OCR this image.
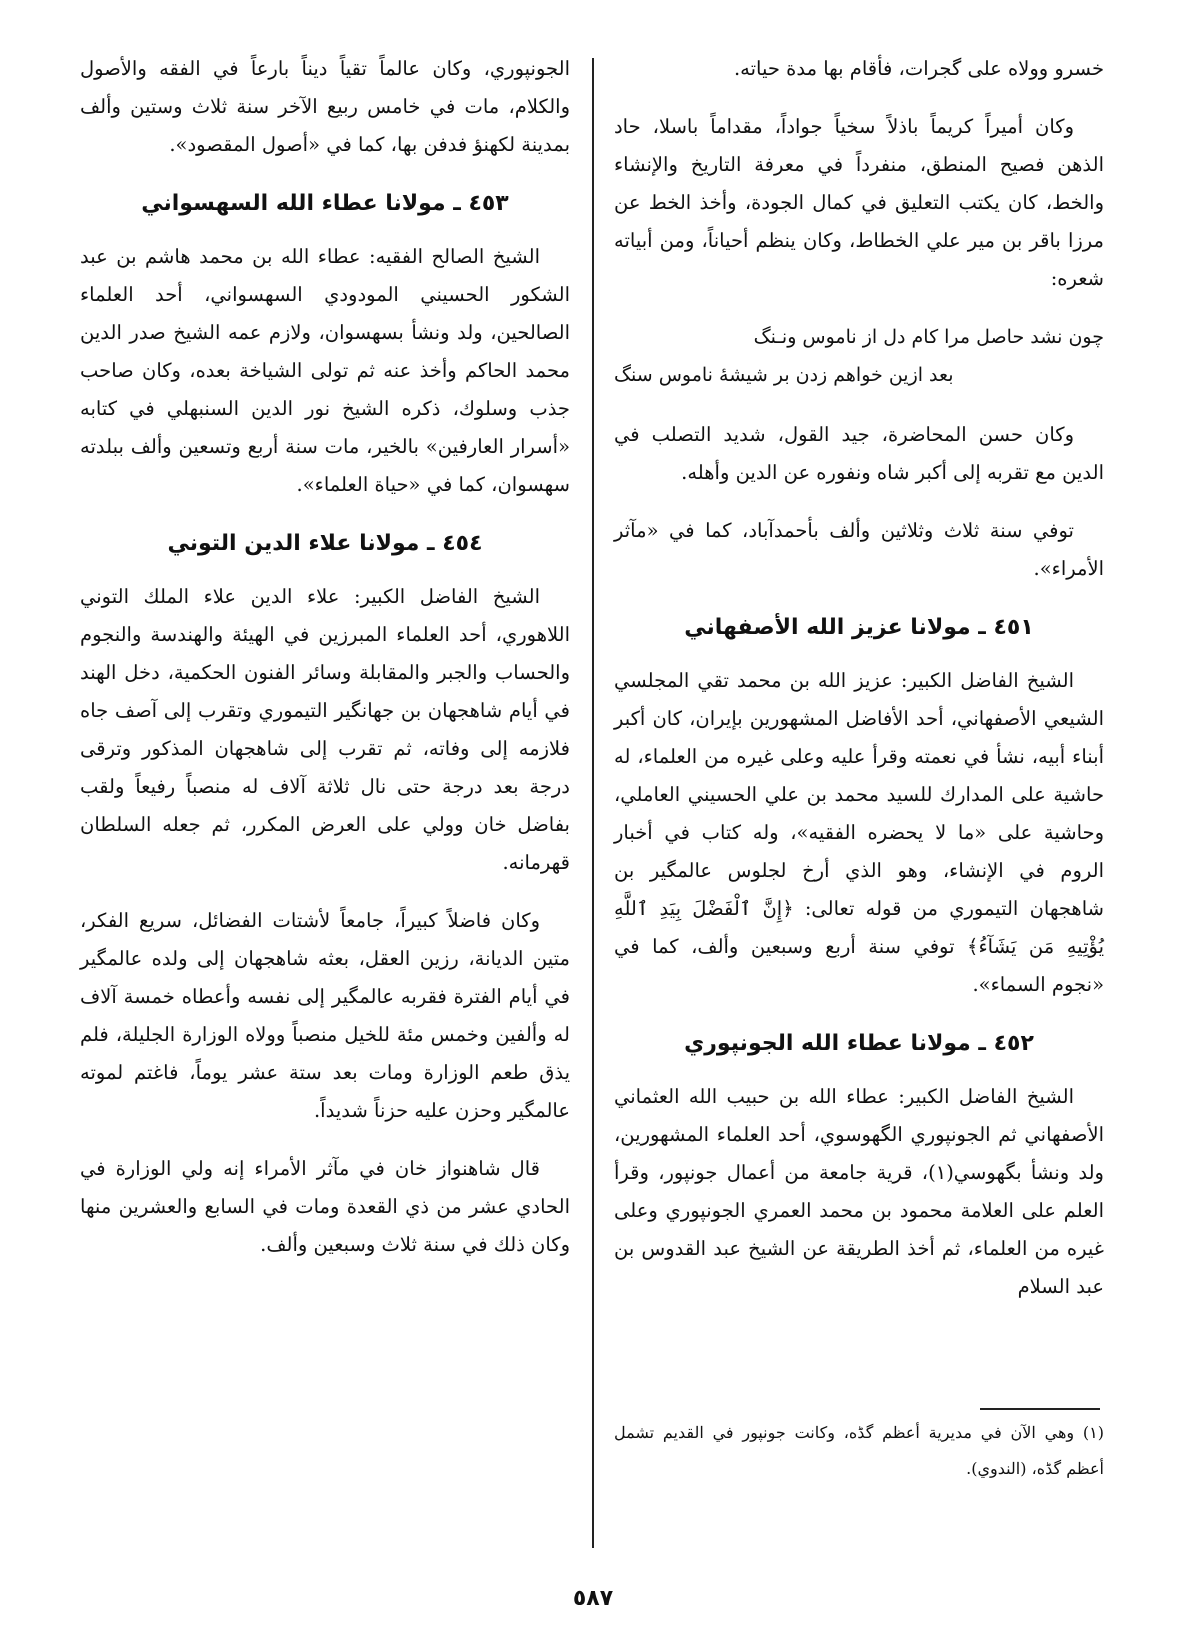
خسرو وولاه على گجرات، فأقام بها مدة حياته.

وكان أميراً كريماً باذلاً سخياً جواداً، مقداماً باسلا، حاد الذهن فصيح المنطق، منفرداً في معرفة التاريخ والإنشاء والخط، كان يكتب التعليق في كمال الجودة، وأخذ الخط عن مرزا باقر بن مير علي الخطاط، وكان ينظم أحياناً، ومن أبياته شعره:

چون نشد حاصل مرا كام دل از ناموس ونـنگ
بعد ازين خواهم زدن بر شيشهٔ ناموس سنگ

وكان حسن المحاضرة، جيد القول، شديد التصلب في الدين مع تقربه إلى أكبر شاه ونفوره عن الدين وأهله.

توفي سنة ثلاث وثلاثين وألف بأحمدآباد، كما في «مآثر الأمراء».

٤٥١ ـ مولانا عزيز الله الأصفهاني

الشيخ الفاضل الكبير: عزيز الله بن محمد تقي المجلسي الشيعي الأصفهاني، أحد الأفاضل المشهورين بإيران، كان أكبر أبناء أبيه، نشأ في نعمته وقرأ عليه وعلى غيره من العلماء، له حاشية على المدارك للسيد محمد بن علي الحسيني العاملي، وحاشية على «ما لا يحضره الفقيه»، وله كتاب في أخبار الروم في الإنشاء، وهو الذي أرخ لجلوس عالمگير بن شاهجهان التيموري من قوله تعالى: ﴿إِنَّ ٱلْفَضْلَ بِيَدِ ٱللَّهِ يُؤْتِيهِ مَن يَشَآءُ﴾ توفي سنة أربع وسبعين وألف، كما في «نجوم السماء».

٤٥٢ ـ مولانا عطاء الله الجونپوري

الشيخ الفاضل الكبير: عطاء الله بن حبيب الله العثماني الأصفهاني ثم الجونپوري الگهوسوي، أحد العلماء المشهورين، ولد ونشأ بگهوسي(١)، قرية جامعة من أعمال جونپور، وقرأ العلم على العلامة محمود بن محمد العمري الجونپوري وعلى غيره من العلماء، ثم أخذ الطريقة عن الشيخ عبد القدوس بن عبد السلام

الجونپوري، وكان عالماً تقياً ديناً بارعاً في الفقه والأصول والكلام، مات في خامس ربيع الآخر سنة ثلاث وستين وألف بمدينة لكهنؤ فدفن بها، كما في «أصول المقصود».

٤٥٣ ـ مولانا عطاء الله السهسواني

الشيخ الصالح الفقيه: عطاء الله بن محمد هاشم بن عبد الشكور الحسيني المودودي السهسواني، أحد العلماء الصالحين، ولد ونشأ بسهسوان، ولازم عمه الشيخ صدر الدين محمد الحاكم وأخذ عنه ثم تولى الشياخة بعده، وكان صاحب جذب وسلوك، ذكره الشيخ نور الدين السنبهلي في كتابه «أسرار العارفين» بالخير، مات سنة أربع وتسعين وألف ببلدته سهسوان، كما في «حياة العلماء».

٤٥٤ ـ مولانا علاء الدين التوني

الشيخ الفاضل الكبير: علاء الدين علاء الملك التوني اللاهوري، أحد العلماء المبرزين في الهيئة والهندسة والنجوم والحساب والجبر والمقابلة وسائر الفنون الحكمية، دخل الهند في أيام شاهجهان بن جهانگير التيموري وتقرب إلى آصف جاه فلازمه إلى وفاته، ثم تقرب إلى شاهجهان المذكور وترقى درجة بعد درجة حتى نال ثلاثة آلاف له منصباً رفيعاً ولقب بفاضل خان وولي على العرض المكرر، ثم جعله السلطان قهرمانه.

وكان فاضلاً كبيراً، جامعاً لأشتات الفضائل، سريع الفكر، متين الديانة، رزين العقل، بعثه شاهجهان إلى ولده عالمگير في أيام الفترة فقربه عالمگير إلى نفسه وأعطاه خمسة آلاف له وألفين وخمس مئة للخيل منصباً وولاه الوزارة الجليلة، فلم يذق طعم الوزارة ومات بعد ستة عشر يوماً، فاغتم لموته عالمگير وحزن عليه حزناً شديداً.

قال شاهنواز خان في مآثر الأمراء إنه ولي الوزارة في الحادي عشر من ذي القعدة ومات في السابع والعشرين منها وكان ذلك في سنة ثلاث وسبعين وألف.

(١) وهي الآن في مديرية أعظم گڈه، وكانت جونپور في القديم تشمل أعظم گڈه، (الندوي).
٥٨٧
